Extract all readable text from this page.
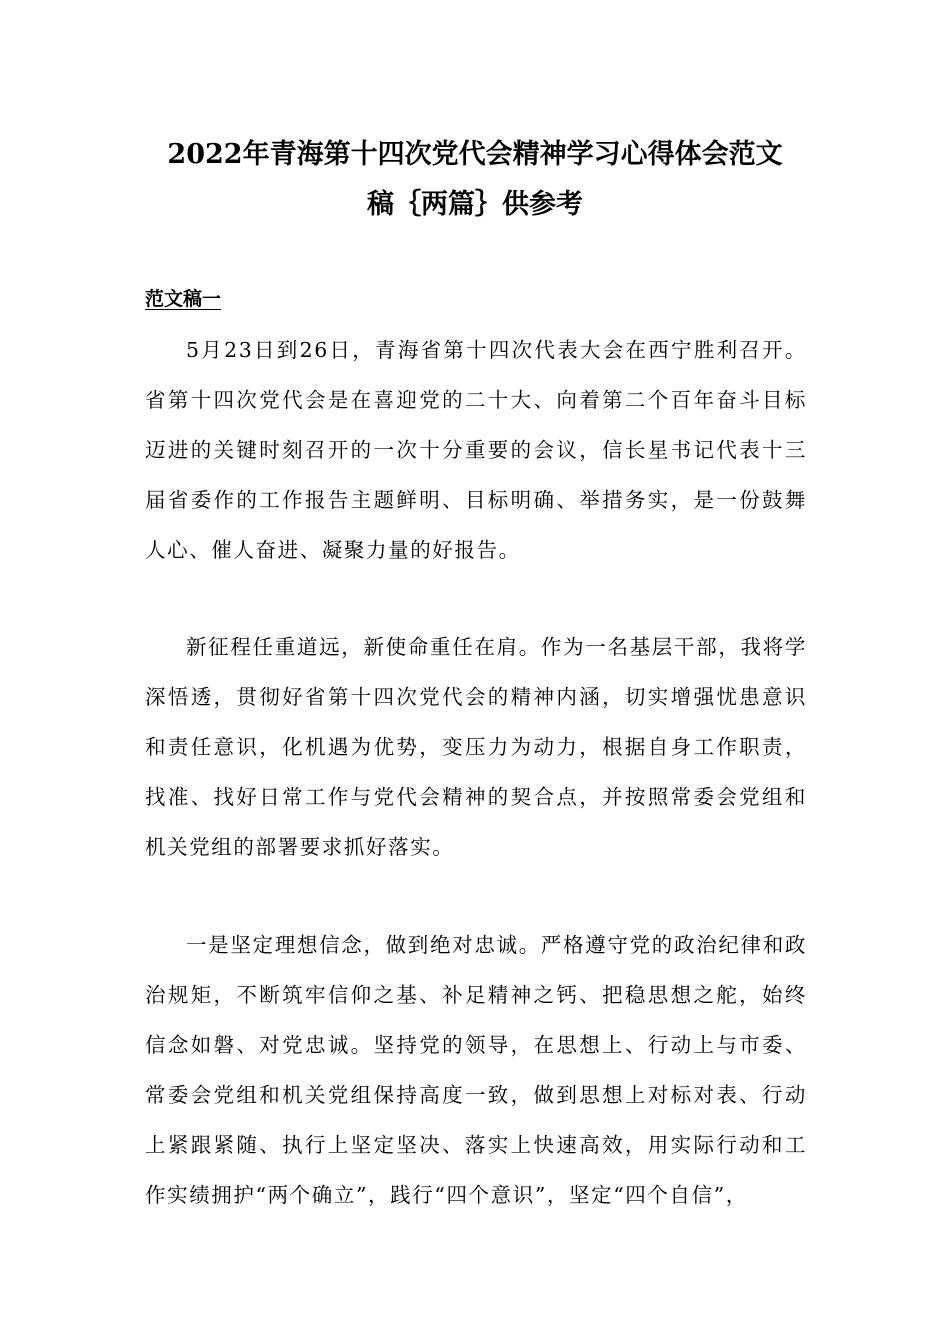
2022年青海第十四次党代会精神学习心得体会范文
稿｛两篇｝供参考
范文稿一

5月23日到26日，青海省第十四次代表大会在西宁胜利召开。省第十四次党代会是在喜迎党的二十大、向着第二个百年奋斗目标迈进的关键时刻召开的一次十分重要的会议，信长星书记代表十三届省委作的工作报告主题鲜明、目标明确、举措务实，是一份鼓舞人心、催人奋进、凝聚力量的好报告。

新征程任重道远，新使命重任在肩。作为一名基层干部，我将学深悟透，贯彻好省第十四次党代会的精神内涵，切实增强忧患意识和责任意识，化机遇为优势，变压力为动力，根据自身工作职责，找准、找好日常工作与党代会精神的契合点，并按照常委会党组和机关党组的部署要求抓好落实。

一是坚定理想信念，做到绝对忠诚。严格遵守党的政治纪律和政治规矩，不断筑牢信仰之基、补足精神之钙、把稳思想之舵，始终信念如磐、对党忠诚。坚持党的领导，在思想上、行动上与市委、常委会党组和机关党组保持高度一致，做到思想上对标对表、行动上紧跟紧随、执行上坚定坚决、落实上快速高效，用实际行动和工作实绩拥护“两个确立”，践行“四个意识”，坚定“四个自信”，
